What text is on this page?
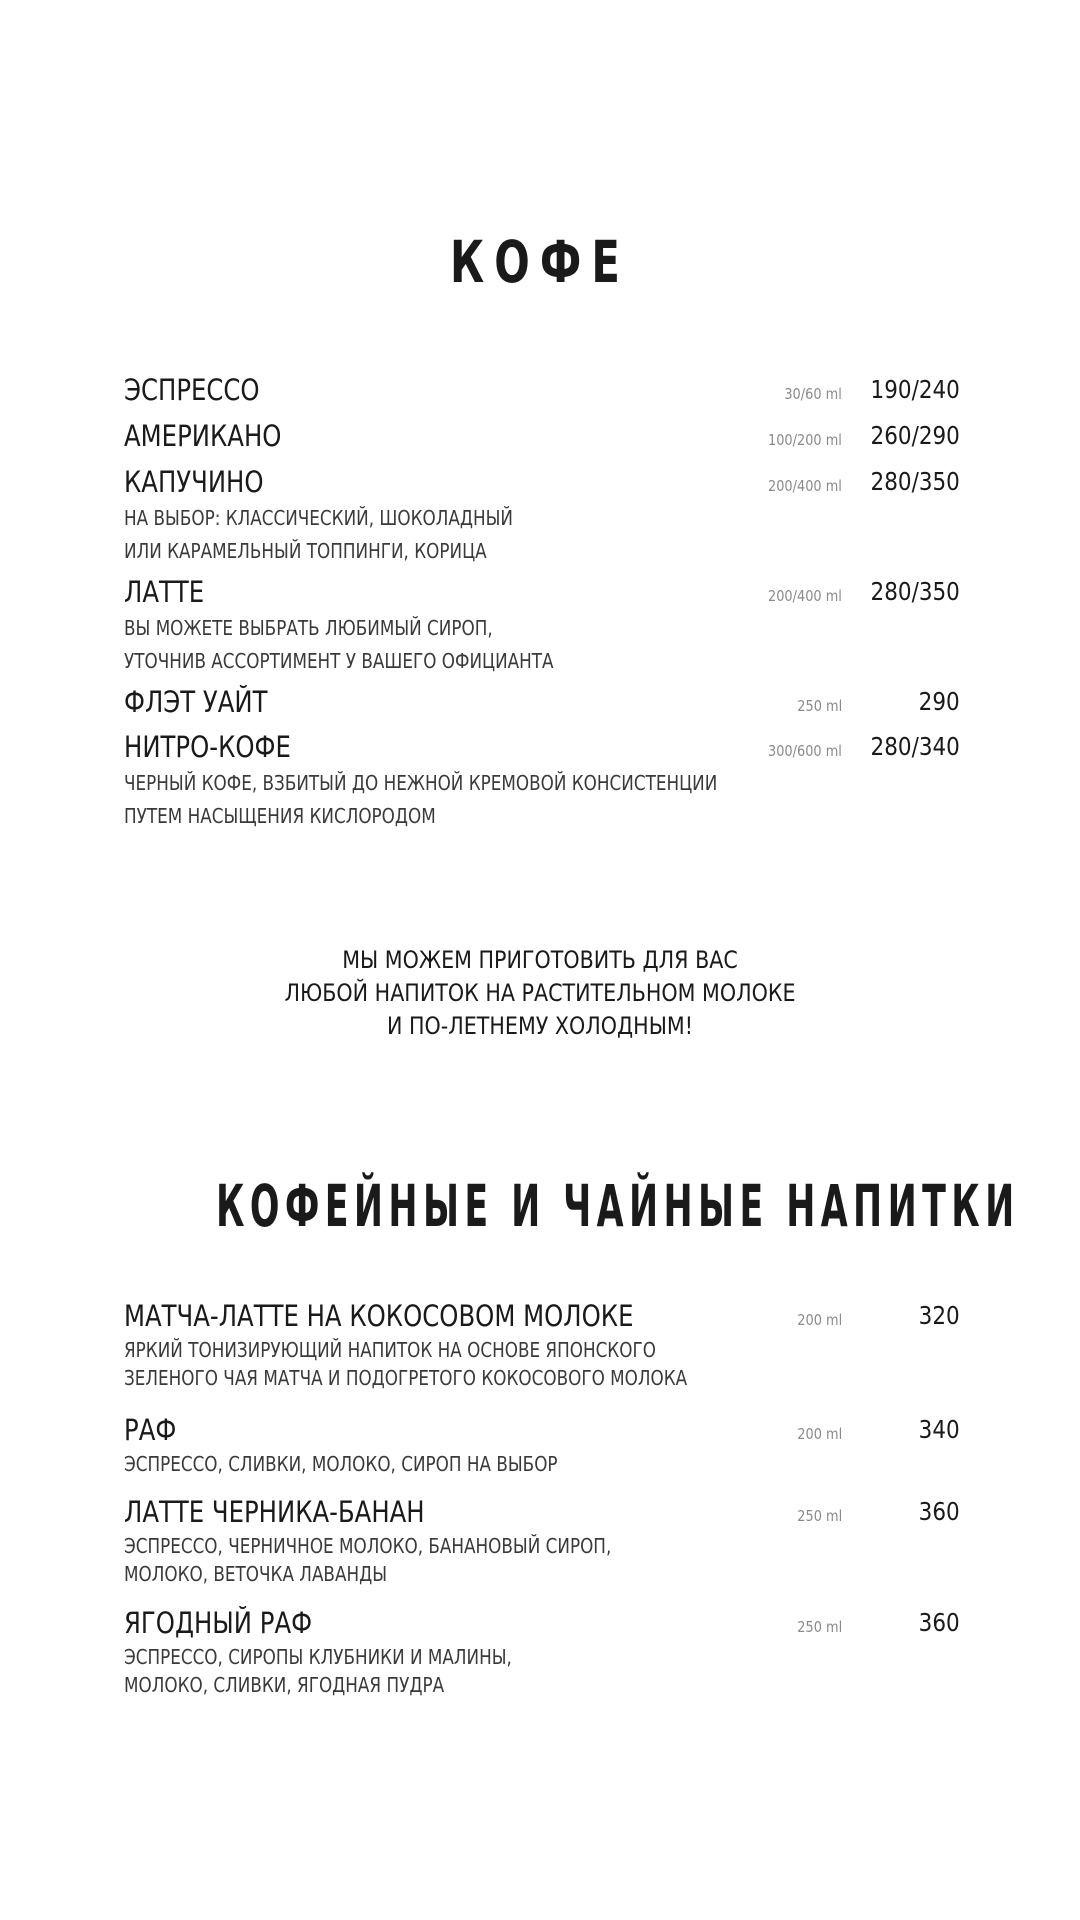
КОФЕ
ЭСПРЕССО	30/60 ml 190/240
АМЕРИКАНО	100/200 ml 260/290
КАПУЧИНО	200/400 ml 280/350
НА ВЫБОР: КЛАССИЧЕСКИЙ, ШОКОЛАДНЫЙ
ИЛИ КАРАМЕЛЬНЫЙ ТОППИНГИ, КОРИЦА
ЛАТТЕ	200/400 ml 280/350
ВЫ МОЖЕТЕ ВЫБРАТЬ ЛЮБИМЫЙ СИРОП,
УТОЧНИВ АССОРТИМЕНТ У ВАШЕГО ОФИЦИАНТА
ФЛЭТ УАЙТ	250 ml	290
НИТРО-КОФЕ	300/600 ml 280/340
ЧЕРНЫЙ КОФЕ, ВЗБИТЫЙ ДО НЕЖНОЙ КРЕМОВОЙ КОНСИСТЕНЦИИ
ПУТЕМ НАСЫЩЕНИЯ КИСЛОРОДОМ
МЫ МОЖЕМ ПРИГОТОВИТЬ ДЛЯ ВАС
ЛЮБОЙ НАПИТОК НА РАСТИТЕЛЬНОМ МОЛОКЕ
И ПО-ЛЕТНЕМУ ХОЛОДНЫМ!
КОФЕЙНЫЕ И ЧАЙНЫЕ НАПИТКИ
МАТЧА-ЛАТТЕ НА КОКОСОВОМ МОЛОКЕ	200 ml	320
ЯРКИЙ ТОНИЗИРУЮЩИЙ НАПИТОК НА ОСНОВЕ ЯПОНСКОГО
ЗЕЛЕНОГО ЧАЯ МАТЧА И ПОДОГРЕТОГО КОКОСОВОГО МОЛОКА
РАФ	200 ml	340
ЭСПРЕССО, СЛИВКИ, МОЛОКО, СИРОП НА ВЫБОР
ЛАТТЕ ЧЕРНИКА-БАНАН	250 ml	360
ЭСПРЕССО, ЧЕРНИЧНОЕ МОЛОКО, БАНАНОВЫЙ СИРОП,
МОЛОКО, ВЕТОЧКА ЛАВАНДЫ
ЯГОДНЫЙ РАФ	250 ml	360
ЭСПРЕССО, СИРОПЫ КЛУБНИКИ И МАЛИНЫ,
МОЛОКО, СЛИВКИ, ЯГОДНАЯ ПУДРА
